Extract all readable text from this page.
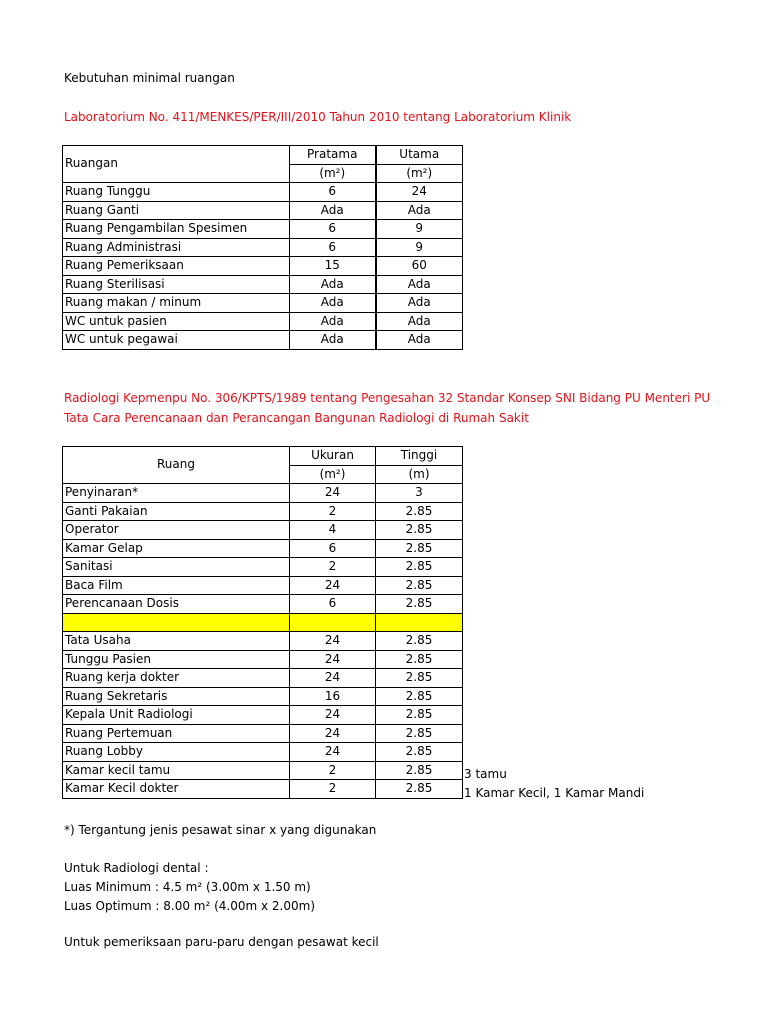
Kebutuhan minimal ruangan
Laboratorium No. 411/MENKES/PER/III/2010 Tahun 2010 tentang Laboratorium Klinik
Ruangan	Pratama	Utama
	(m²)	(m²)
Ruang Tunggu	6	24
Ruang Ganti	Ada	Ada
Ruang Pengambilan Spesimen	6	9
Ruang Administrasi	6	9
Ruang Pemeriksaan	15	60
Ruang Sterilisasi	Ada	Ada
Ruang makan / minum	Ada	Ada
WC untuk pasien	Ada	Ada
WC untuk pegawai	Ada	Ada
Radiologi Kepmenpu No. 306/KPTS/1989 tentang Pengesahan 32 Standar Konsep SNI Bidang PU Menteri PU
Tata Cara Perencanaan dan Perancangan Bangunan Radiologi di Rumah Sakit
Ruang	Ukuran	Tinggi
	(m²)	(m)
Penyinaran*	24	3
Ganti Pakaian	2	2.85
Operator	4	2.85
Kamar Gelap	6	2.85
Sanitasi	2	2.85
Baca Film	24	2.85
Perencanaan Dosis	6	2.85

Tata Usaha	24	2.85
Tunggu Pasien	24	2.85
Ruang kerja dokter	24	2.85
Ruang Sekretaris	16	2.85
Kepala Unit Radiologi	24	2.85
Ruang Pertemuan	24	2.85
Ruang Lobby	24	2.85
Kamar kecil tamu	2	2.85
Kamar Kecil dokter	2	2.85
3 tamu
1 Kamar Kecil, 1 Kamar Mandi
*) Tergantung jenis pesawat sinar x yang digunakan
Untuk Radiologi dental :
Luas Minimum : 4.5 m² (3.00m x 1.50 m)
Luas Optimum : 8.00 m² (4.00m x 2.00m)
Untuk pemeriksaan paru-paru dengan pesawat kecil
